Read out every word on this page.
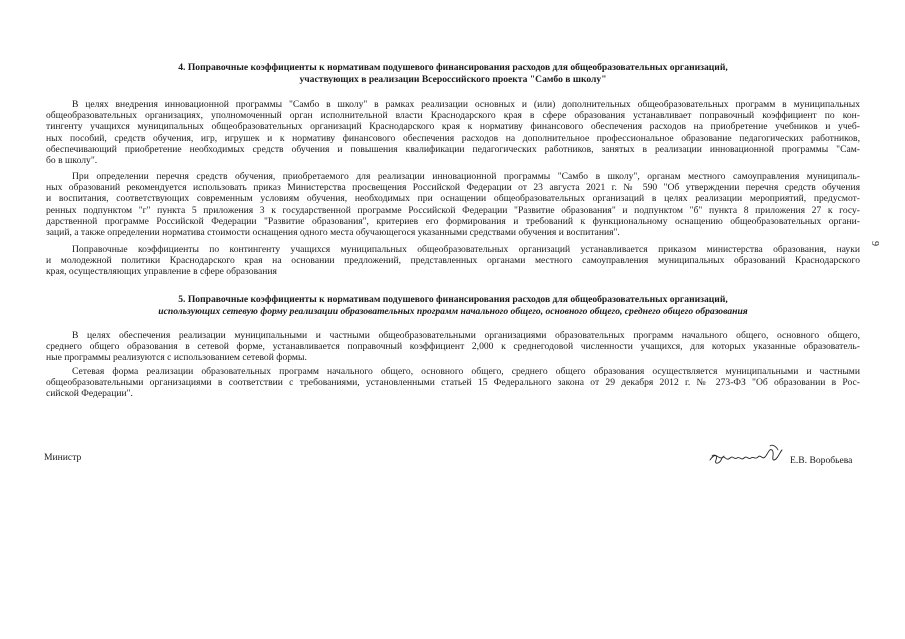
9
4. Поправочные коэффициенты к нормативам подушевого финансирования расходов для общеобразовательных организаций,
участвующих в реализации Всероссийского проекта "Самбо в школу"
В целях внедрения инновационной программы "Самбо в школу" в рамках реализации основных и (или) дополнительных общеобразовательных программ в муниципальных
общеобразовательных организациях, уполномоченный орган исполнительной власти Краснодарского края в сфере образования устанавливает поправочный коэффициент по кон-
тингенту учащихся муниципальных общеобразовательных организаций Краснодарского края к нормативу финансового обеспечения расходов на приобретение учебников и учеб-
ных пособий, средств обучения, игр, игрушек и к нормативу финансового обеспечения расходов на дополнительное профессиональное образование педагогических работников,
обеспечивающий приобретение необходимых средств обучения и повышения квалификации педагогических работников, занятых в реализации инновационной программы "Сам-
бо в школу".
При определении перечня средств обучения, приобретаемого для реализации инновационной программы "Самбо в школу", органам местного самоуправления муниципаль-
ных образований рекомендуется использовать приказ Министерства просвещения Российской Федерации от 23 августа 2021 г. № 590 "Об утверждении перечня средств обучения
и воспитания, соответствующих современным условиям обучения, необходимых при оснащении общеобразовательных организаций в целях реализации мероприятий, предусмот-
ренных подпунктом "г" пункта 5 приложения 3 к государственной программе Российской Федерации "Развитие образования" и подпунктом "б" пункта 8 приложения 27 к госу-
дарственной программе Российской Федерации "Развитие образования", критериев его формирования и требований к функциональному оснащению общеобразовательных органи-
заций, а также определении норматива стоимости оснащения одного места обучающегося указанными средствами обучения и воспитания".
Поправочные коэффициенты по контингенту учащихся муниципальных общеобразовательных организаций устанавливается приказом министерства образования, науки
и молодежной политики Краснодарского края на основании предложений, представленных органами местного самоуправления муниципальных образований Краснодарского
края, осуществляющих управление в сфере образования
5. Поправочные коэффициенты к нормативам подушевого финансирования расходов для общеобразовательных организаций,
использующих сетевую форму реализации образовательных программ начального общего, основного общего, среднего общего образования
В целях обеспечения реализации муниципальными и частными общеобразовательными организациями образовательных программ начального общего, основного общего,
среднего общего образования в сетевой форме, устанавливается поправочный коэффициент 2,000 к среднегодовой численности учащихся, для которых указанные образователь-
ные программы реализуются с использованием сетевой формы.
Сетевая форма реализации образовательных программ начального общего, основного общего, среднего общего образования осуществляется муниципальными и частными
общеобразовательными организациями в соответствии с требованиями, установленными статьей 15 Федерального закона от 29 декабря 2012 г. № 273-ФЗ "Об образовании в Рос-
сийской Федерации".
Министр	Е.В. Воробьева
